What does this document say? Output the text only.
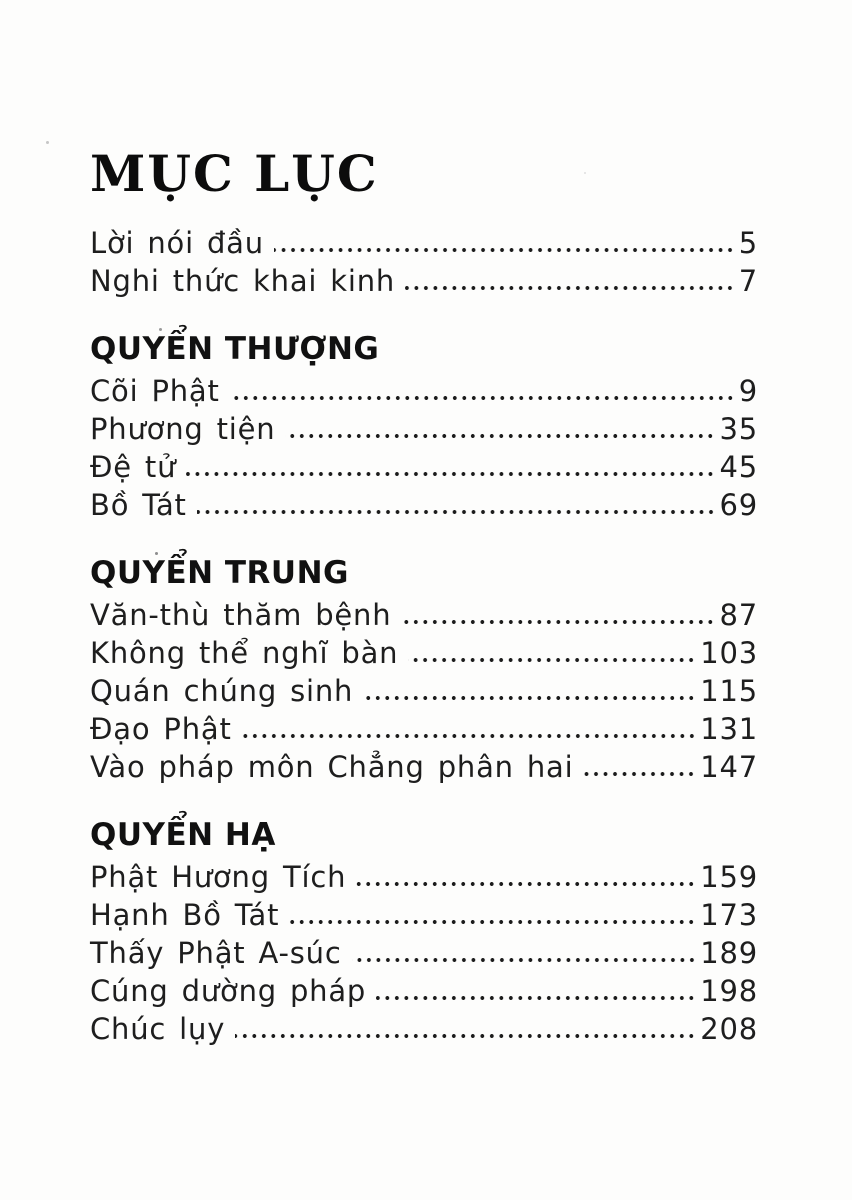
MỤC LỤC
Lời nói đầu	5
Nghi thức khai kinh	7
QUYỂN THƯỢNG
Cõi Phật	9
Phương tiện	35
Đệ tử	45
Bồ Tát	69
QUYỂN TRUNG
Văn-thù thăm bệnh	87
Không thể nghĩ bàn	103
Quán chúng sinh	115
Đạo Phật	131
Vào pháp môn Chẳng phân hai	147
QUYỂN HẠ
Phật Hương Tích	159
Hạnh Bồ Tát	173
Thấy Phật A-súc	189
Cúng dường pháp	198
Chúc lụy	208
